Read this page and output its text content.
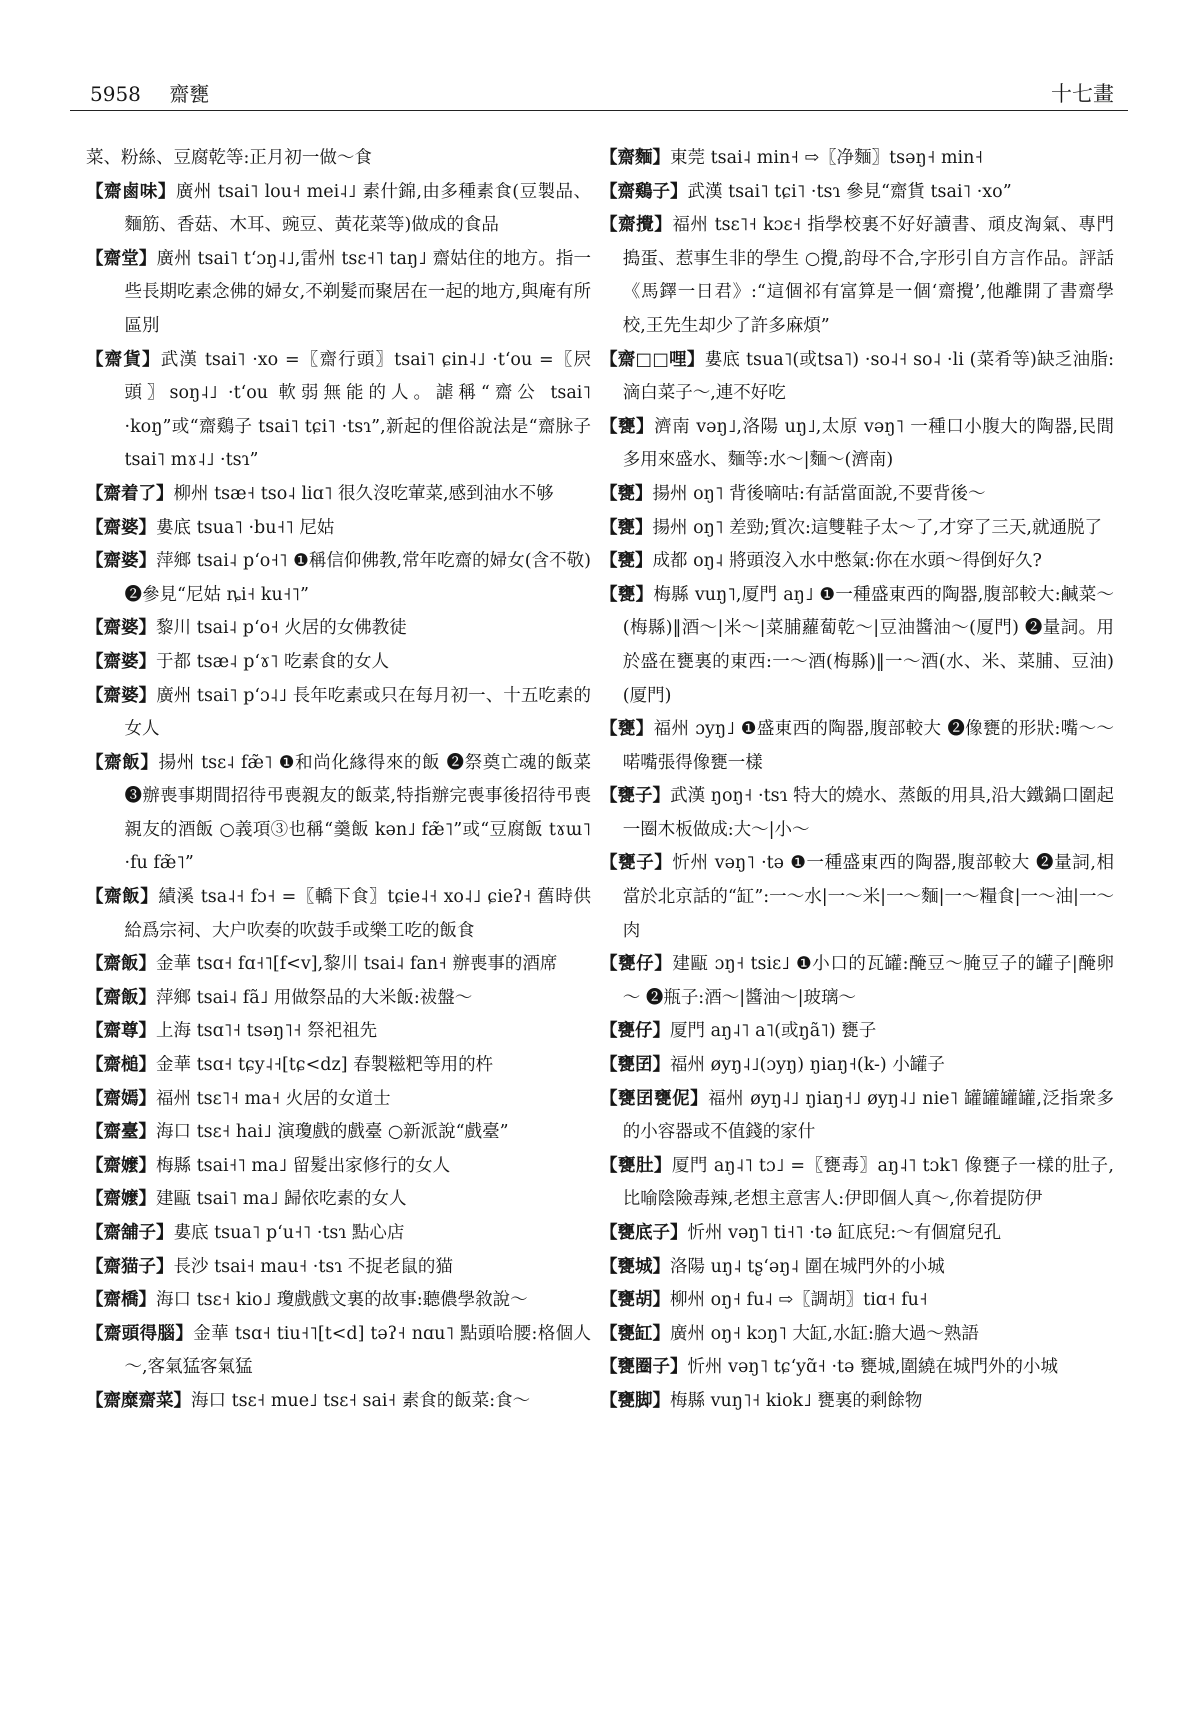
5958 齋甕	十七畫
菜、粉絲、豆腐乾等:正月初一做～食
【齋鹵味】廣州 tsai˥ lou˧ mei˨˩ 素什錦,由多種素食(豆製品、麵筋、香菇、木耳、豌豆、黃花菜等)做成的食品
【齋堂】廣州 tsai˥ tʻɔŋ˨˩,雷州 tsɛ˧˥ taŋ˩ 齋姑住的地方。指一些長期吃素念佛的婦女,不剃髮而聚居在一起的地方,與庵有所區別
【齋貨】武漢 tsai˥ ·xo =〖齋行頭〗tsai˥ ɕin˨˩ ·tʻou =〖屄頭〗soŋ˨˩ ·tʻou 軟弱無能的人。謔稱“齋公 tsai˥ ·koŋ”或“齋鷄子 tsai˥ tɕi˥ ·tsɿ”,新起的俚俗說法是“齋脉子 tsai˥ mɤ˨˩ ·tsɿ”
【齋着了】柳州 tsæ˧ tso˨ liɑ˥ 很久沒吃葷菜,感到油水不够
【齋婆】婁底 tsua˥ ·bu˧˥ 尼姑
【齋婆】萍鄉 tsai˨ pʻo˧˥ ❶稱信仰佛教,常年吃齋的婦女(含不敬) ❷參見“尼姑 ȵi˧ ku˧˥”
【齋婆】黎川 tsai˨ pʻo˧ 火居的女佛教徒
【齋婆】于都 tsæ˨ pʻɤ˥ 吃素食的女人
【齋婆】廣州 tsai˥ pʻɔ˨˩ 長年吃素或只在每月初一、十五吃素的女人
【齋飯】揚州 tsɛ˨ fæ̃˥ ❶和尚化緣得來的飯 ❷祭奠亡魂的飯菜 ❸辦喪事期間招待弔喪親友的飯菜,特指辦完喪事後招待弔喪親友的酒飯 ○義項③也稱“羹飯 kən˩ fæ̃˥”或“豆腐飯 tɤɯ˥ ·fu fæ̃˥”
【齋飯】績溪 tsa˨˧ fɔ˧ =〖轎下食〗tɕie˨˧ xo˨˩ ɕieʔ˧ 舊時供給爲宗祠、大户吹奏的吹鼓手或樂工吃的飯食
【齋飯】金華 tsɑ˧ fɑ˧˥[f<v],黎川 tsai˨ fan˧ 辦喪事的酒席
【齋飯】萍鄉 tsai˨ fã˩ 用做祭品的大米飯:祓盤～
【齋尊】上海 tsɑ˥˧ tsəŋ˥˧ 祭祀祖先
【齋槌】金華 tsɑ˧ tɕy˨˧[tɕ<dz] 春製糍粑等用的杵
【齋嫣】福州 tsɛ˥˧ ma˧ 火居的女道士
【齋臺】海口 tsɛ˧ hai˩ 演瓊戲的戲臺 ○新派說“戲臺”
【齋嬤】梅縣 tsai˧˥ ma˩ 留髮出家修行的女人
【齋嬤】建甌 tsai˥ ma˩ 歸依吃素的女人
【齋舖子】婁底 tsua˥ pʻu˧˥ ·tsɿ 點心店
【齋猫子】長沙 tsai˧ mau˧ ·tsɿ 不捉老鼠的猫
【齋橋】海口 tsɛ˧ kio˩ 瓊戲戲文裏的故事:聽儂學敘說～
【齋頭得腦】金華 tsɑ˧ tiu˧˥[t<d] təʔ˧ nɑu˥ 點頭哈腰:格個人～,客氣猛客氣猛
【齋糜齋菜】海口 tsɛ˧ mue˩ tsɛ˧ sai˧ 素食的飯菜:食～
【齋麵】東莞 tsai˨ min˧ ⇨〖净麵〗tsəŋ˧ min˧
【齋鷄子】武漢 tsai˥ tɕi˥ ·tsɿ 參見“齋貨 tsai˥ ·xo”
【齋攪】福州 tsɛ˥˧ kɔɛ˧ 指學校裏不好好讀書、頑皮淘氣、專門搗蛋、惹事生非的學生 ○攪,韵母不合,字形引自方言作品。評話《馬鐸一日君》:“這個祁有富算是一個‘齋攪’,他離開了書齋學校,王先生却少了許多麻煩”
【齋□□哩】婁底 tsua˥(或tsa˥) ·so˨˧ so˨ ·li (菜肴等)缺乏油脂:滴白菜子～,連不好吃
【甕】濟南 vəŋ˩,洛陽 uŋ˩,太原 vəŋ˥ 一種口小腹大的陶器,民間多用來盛水、麵等:水～|麵～(濟南)
【甕】揚州 oŋ˥ 背後嘀咕:有話當面說,不要背後～
【甕】揚州 oŋ˥ 差勁;質次:這雙鞋子太～了,才穿了三天,就通脱了
【甕】成都 oŋ˨ 將頭沒入水中憋氣:你在水頭～得倒好久?
【甕】梅縣 vuŋ˥,厦門 aŋ˩ ❶一種盛東西的陶器,腹部較大:鹹菜～(梅縣)‖酒～|米～|菜脯蘿蔔乾～|豆油醬油～(厦門) ❷量詞。用於盛在甕裏的東西:一～酒(梅縣)‖一～酒(水、米、菜脯、豆油)(厦門)
【甕】福州 ɔyŋ˩ ❶盛東西的陶器,腹部較大 ❷像甕的形狀:嘴～～喏嘴張得像甕一樣
【甕子】武漢 ŋoŋ˧ ·tsɿ 特大的燒水、蒸飯的用具,沿大鐵鍋口圍起一圈木板做成:大～|小～
【甕子】忻州 vəŋ˥ ·tə ❶一種盛東西的陶器,腹部較大 ❷量詞,相當於北京話的“缸”:一～水|一～米|一～麵|一～糧食|一～油|一～肉
【甕仔】建甌 ɔŋ˧ tsiɛ˩ ❶小口的瓦罐:醃豆～腌豆子的罐子|醃卵～ ❷瓶子:酒～|醬油～|玻璃～
【甕仔】厦門 aŋ˨˥ a˥(或ŋã˥) 甕子
【甕囝】福州 øyŋ˨˩(ɔyŋ) ŋiaŋ˧(k-) 小罐子
【甕囝甕伲】福州 øyŋ˨˩ ŋiaŋ˧˩ øyŋ˨˩ nie˥ 罐罐罐罐,泛指衆多的小容器或不值錢的家什
【甕肚】厦門 aŋ˨˥ tɔ˩ =〖甕毒〗aŋ˨˥ tɔk˥ 像甕子一樣的肚子,比喻陰險毒辣,老想主意害人:伊即個人真～,你着提防伊
【甕底子】忻州 vəŋ˥ ti˧˥ ·tə 缸底兒:～有個窟兒孔
【甕城】洛陽 uŋ˨ tʂʻəŋ˨ 圍在城門外的小城
【甕胡】柳州 oŋ˧ fu˨ ⇨〖調胡〗tiɑ˧ fu˧
【甕缸】廣州 oŋ˧ kɔŋ˥ 大缸,水缸:膽大過～熟語
【甕圈子】忻州 vəŋ˥ tɕʻyɑ̃˧ ·tə 甕城,圍繞在城門外的小城
【甕脚】梅縣 vuŋ˥˧ kiok˩ 甕裏的剩餘物
